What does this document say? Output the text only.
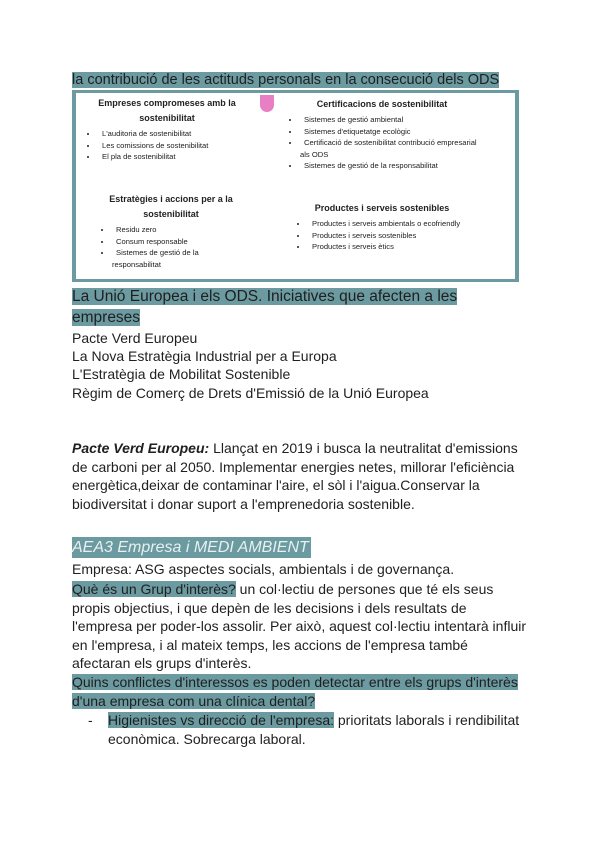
la contribució de les actituds personals en la consecució dels ODS
Empreses compromeses amb la sostenibilitat
• L'auditoria de sostenibilitat
• Les comissions de sostenibilitat
• El pla de sostenibilitat
Certificacions de sostenibilitat
• Sistemes de gestió ambiental
• Sistemes d'etiquetatge ecològic
• Certificació de sostenibilitat contribució empresarial als ODS
• Sistemes de gestió de la responsabilitat
Estratègies i accions per a la sostenibilitat
• Residu zero
• Consum responsable
• Sistemes de gestió de la responsabilitat
Productes i serveis sostenibles
• Productes i serveis ambientals o ecofriendly
• Productes i serveis sostenibles
• Productes i serveis ètics
La Unió Europea i els ODS. Iniciatives que afecten a les empreses
Pacte Verd Europeu
La Nova Estratègia Industrial per a Europa
L'Estratègia de Mobilitat Sostenible
Règim de Comerç de Drets d'Emissió de la Unió Europea
Pacte Verd Europeu: Llançat en 2019 i busca la neutralitat d'emissions de carboni per al 2050. Implementar energies netes, millorar l'eficiència energètica,deixar de contaminar l'aire, el sòl i l'aigua.Conservar la biodiversitat i donar suport a l'emprenedoria sostenible.
AEA3 Empresa i MEDI AMBIENT
Empresa: ASG aspectes socials, ambientals i de governança.
Què és un Grup d'interès? un col·lectiu de persones que té els seus propis objectius, i que depèn de les decisions i dels resultats de l'empresa per poder-los assolir. Per això, aquest col·lectiu intentarà influir en l'empresa, i al mateix temps, les accions de l'empresa també afectaran els grups d'interès.
Quins conflictes d'interessos es poden detectar entre els grups d'interès d'una empresa com una clínica dental?
- Higienistes vs direcció de l'empresa: prioritats laborals i rendibilitat econòmica. Sobrecarga laboral.
